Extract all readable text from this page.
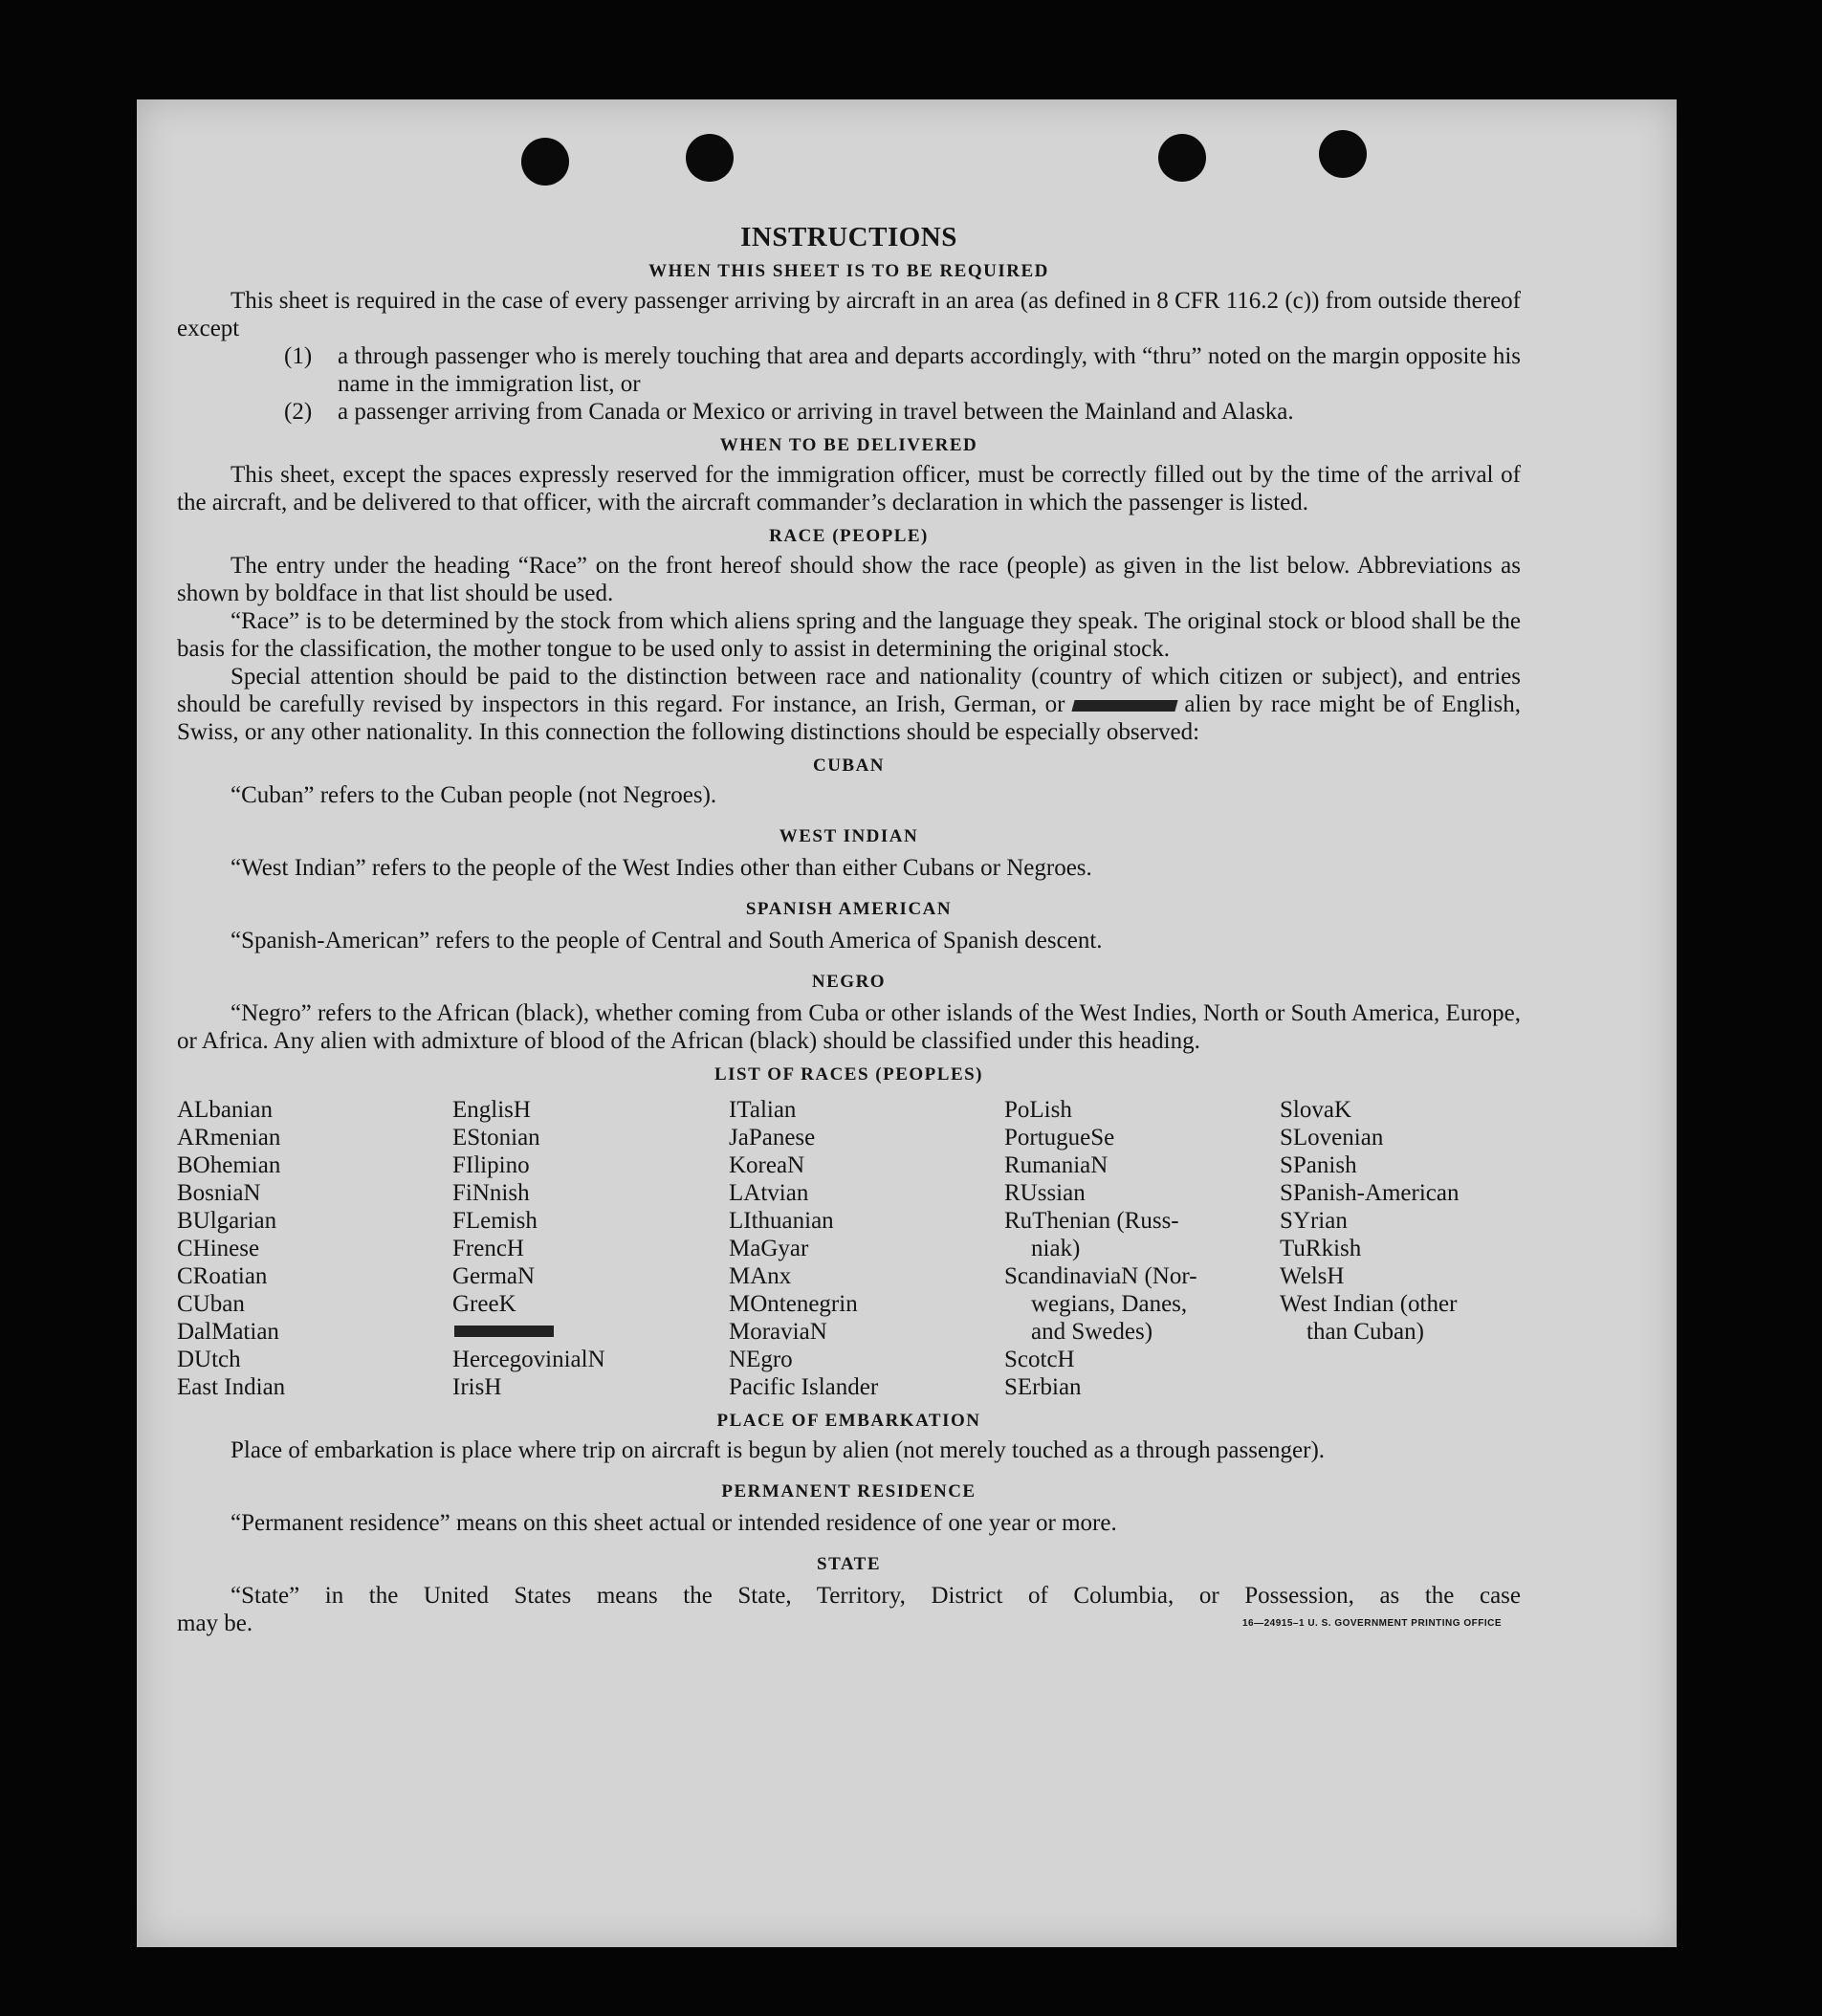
INSTRUCTIONS
WHEN THIS SHEET IS TO BE REQUIRED

This sheet is required in the case of every passenger arriving by aircraft in an area (as defined in 8 CFR 116.2 (c)) from outside thereof except

(1)	a through passenger who is merely touching that area and departs accordingly, with “thru” noted on the margin opposite his name in the immigration list, or
(2)	a passenger arriving from Canada or Mexico or arriving in travel between the Mainland and Alaska.
WHEN TO BE DELIVERED

This sheet, except the spaces expressly reserved for the immigration officer, must be correctly filled out by the time of the arrival of the aircraft, and be delivered to that officer, with the aircraft commander’s declaration in which the passenger is listed.

RACE (PEOPLE)

The entry under the heading “Race” on the front hereof should show the race (people) as given in the list below. Abbreviations as shown by boldface in that list should be used.

“Race” is to be determined by the stock from which aliens spring and the language they speak. The original stock or blood shall be the basis for the classification, the mother tongue to be used only to assist in determining the original stock.

Special attention should be paid to the distinction between race and nationality (country of which citizen or subject), and entries should be carefully revised by inspectors in this regard. For instance, an Irish, German, or	alien by race might be of English, Swiss, or any other nationality. In this connection the following distinctions should be especially observed:

CUBAN

“Cuban” refers to the Cuban people (not Negroes).

WEST INDIAN

“West Indian” refers to the people of the West Indies other than either Cubans or Negroes.

SPANISH AMERICAN

“Spanish-American” refers to the people of Central and South America of Spanish descent.

NEGRO

“Negro” refers to the African (black), whether coming from Cuba or other islands of the West Indies, North or South America, Europe, or Africa. Any alien with admixture of blood of the African (black) should be classified under this heading.

LIST OF RACES (PEOPLES)
ALbanian
ARmenian
BOhemian
BosniaN
BUlgarian
CHinese
CRoatian
CUban
DalMatian
DUtch
East Indian
EnglisH
EStonian
FIlipino
FiNnish
FLemish
FrencH
GermaN
GreeK
HercegovinialN
IrisH
ITalian
JaPanese
KoreaN
LAtvian
LIthuanian
MaGyar
MAnx
MOntenegrin
MoraviaN
NEgro
Pacific Islander
PoLish
PortugueSe
RumaniaN
RUssian
RuThenian (Russ-
niak)
ScandinaviaN (Nor-
wegians, Danes,
and Swedes)
ScotcH
SErbian
SlovaK
SLovenian
SPanish
SPanish-American
SYrian
TuRkish
WelsH
West Indian (other
than Cuban)
PLACE OF EMBARKATION

Place of embarkation is place where trip on aircraft is begun by alien (not merely touched as a through passenger).

PERMANENT RESIDENCE

“Permanent residence” means on this sheet actual or intended residence of one year or more.

STATE

“State” in the United States means the State, Territory, District of Columbia, or Possession, as the case

may be.	16—24915–1 U. S. GOVERNMENT PRINTING OFFICE
